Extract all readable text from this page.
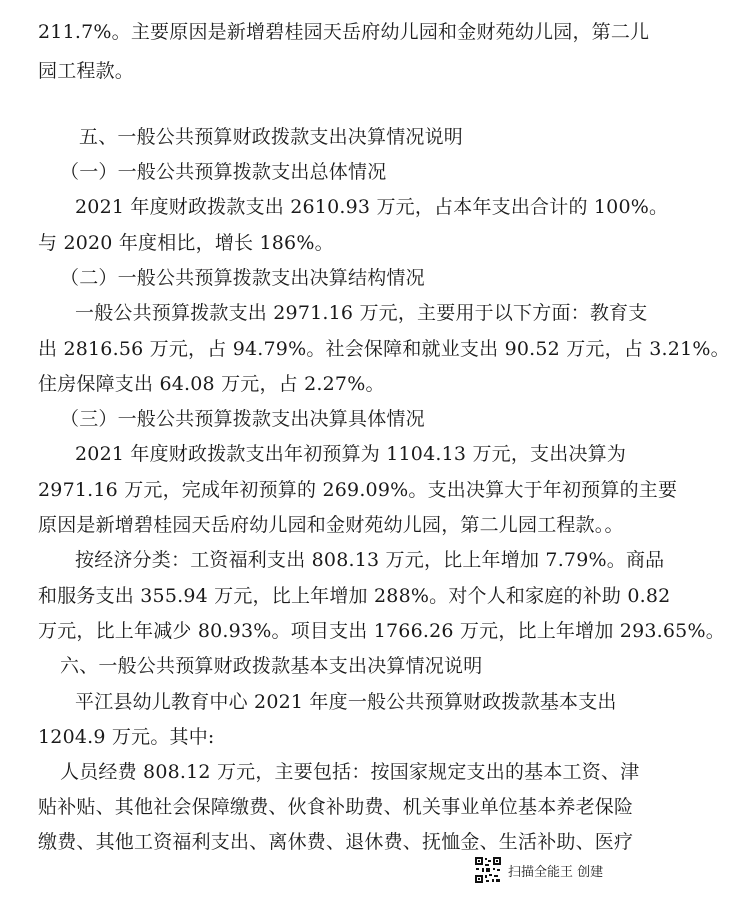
211.7%。主要原因是新增碧桂园天岳府幼儿园和金财苑幼儿园，第二儿
园工程款。
五、一般公共预算财政拨款支出决算情况说明
（一）一般公共预算拨款支出总体情况
2021 年度财政拨款支出 2610.93 万元，占本年支出合计的 100%。
与 2020 年度相比，增长 186%。
（二）一般公共预算拨款支出决算结构情况
一般公共预算拨款支出 2971.16 万元，主要用于以下方面：教育支
出 2816.56 万元，占 94.79%。社会保障和就业支出 90.52 万元，占 3.21%。
住房保障支出 64.08 万元，占 2.27%。
（三）一般公共预算拨款支出决算具体情况
2021 年度财政拨款支出年初预算为 1104.13 万元，支出决算为
2971.16 万元，完成年初预算的 269.09%。支出决算大于年初预算的主要
原因是新增碧桂园天岳府幼儿园和金财苑幼儿园，第二儿园工程款。。
按经济分类：工资福利支出 808.13 万元，比上年增加 7.79%。商品
和服务支出 355.94 万元，比上年增加 288%。对个人和家庭的补助 0.82
万元，比上年减少 80.93%。项目支出 1766.26 万元，比上年增加 293.65%。
六、一般公共预算财政拨款基本支出决算情况说明
平江县幼儿教育中心 2021 年度一般公共预算财政拨款基本支出
1204.9 万元。其中:
人员经费 808.12 万元，主要包括：按国家规定支出的基本工资、津
贴补贴、其他社会保障缴费、伙食补助费、机关事业单位基本养老保险
缴费、其他工资福利支出、离休费、退休费、抚恤金、生活补助、医疗
扫描全能王 创建
